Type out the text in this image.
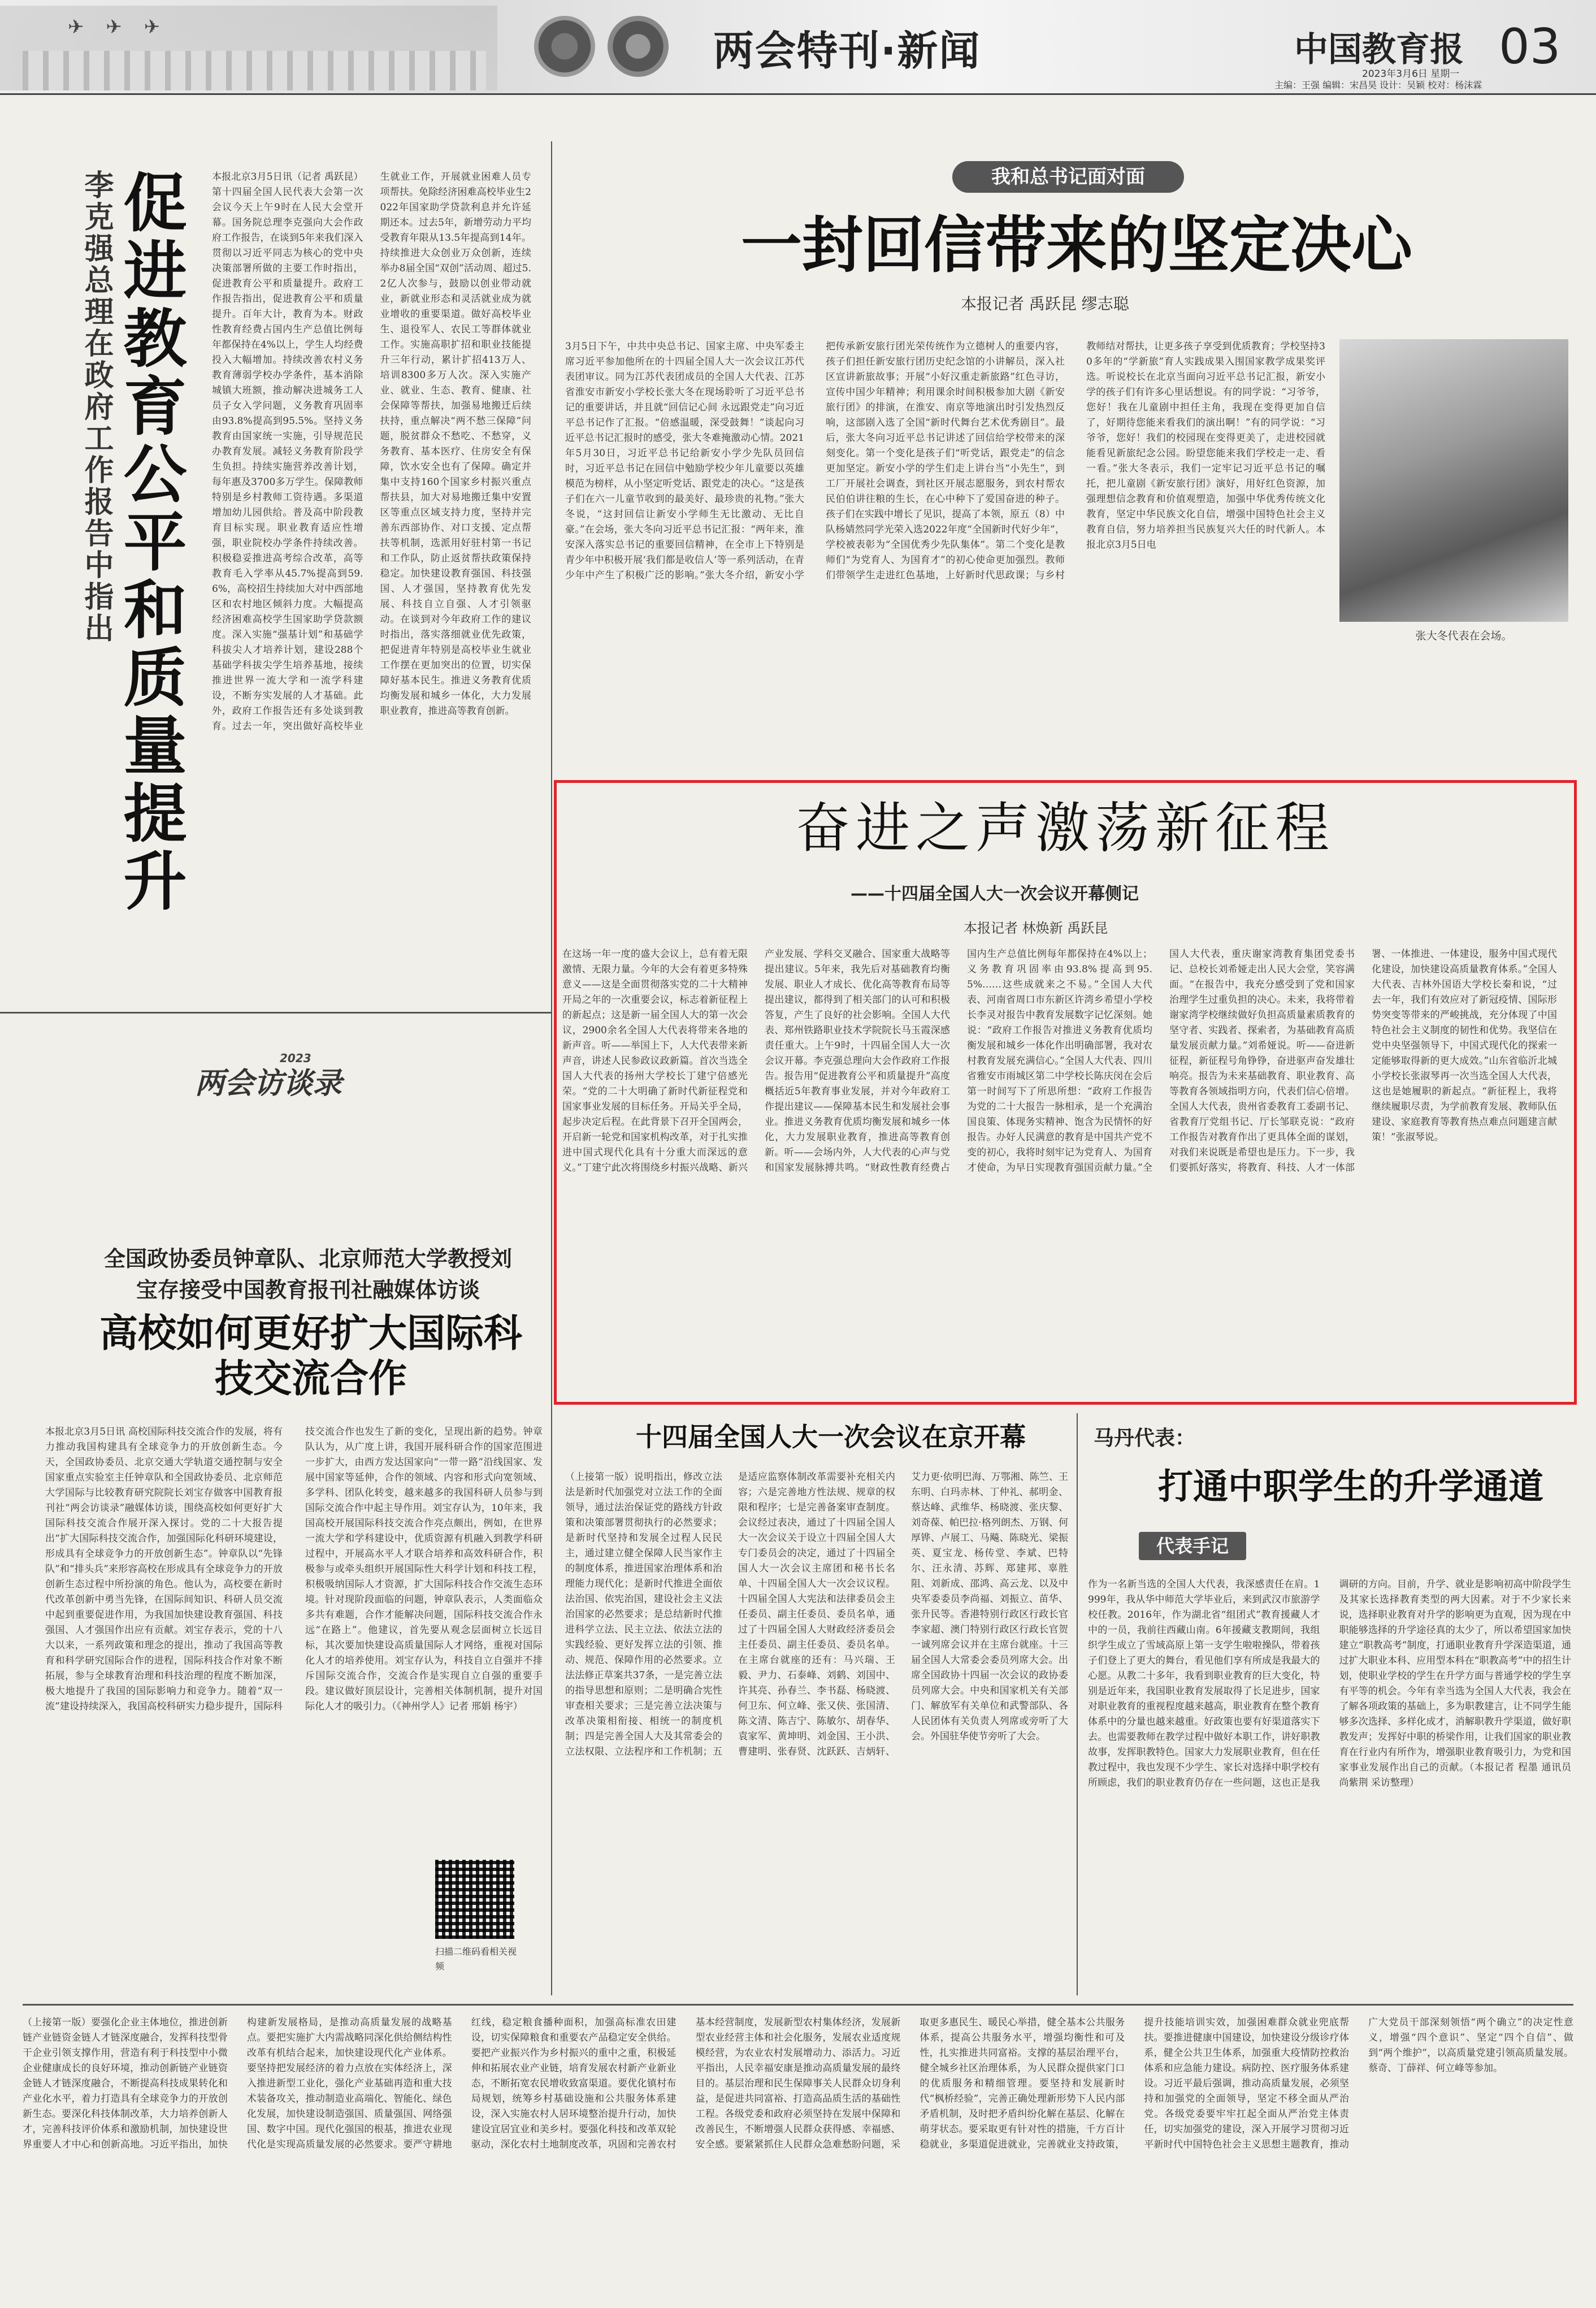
✈ ✈ ✈	两会特刊·新闻	中国教育报 03
2023年3月6日 星期一
主编：王强 编辑：宋昌昊 设计：吴颖 校对：杨沫霖
李克强总理在政府工作报告中指出 促进教育公平和质量提升	本报北京3月5日讯（记者 禹跃昆）第十四届全国人民代表大会第一次会议今天上午9时在人民大会堂开幕。国务院总理李克强向大会作政府工作报告，在谈到5年来我们深入贯彻以习近平同志为核心的党中央决策部署所做的主要工作时指出，促进教育公平和质量提升。政府工作报告指出，促进教育公平和质量提升。百年大计，教育为本。财政性教育经费占国内生产总值比例每年都保持在4%以上，学生人均经费投入大幅增加。持续改善农村义务教育薄弱学校办学条件，基本消除城镇大班额，推动解决进城务工人员子女入学问题，义务教育巩固率由93.8%提高到95.5%。坚持义务教育由国家统一实施，引导规范民办教育发展。减轻义务教育阶段学生负担。持续实施营养改善计划，每年惠及3700多万学生。保障教师特别是乡村教师工资待遇。多渠道增加幼儿园供给。普及高中阶段教育目标实现。职业教育适应性增强，职业院校办学条件持续改善。积极稳妥推进高考综合改革，高等教育毛入学率从45.7%提高到59.6%，高校招生持续加大对中西部地区和农村地区倾斜力度。大幅提高经济困难高校学生国家助学贷款额度。深入实施“强基计划”和基础学科拔尖人才培养计划，建设288个基础学科拔尖学生培养基地，接续推进世界一流大学和一流学科建设，不断夯实发展的人才基础。此外，政府工作报告还有多处谈到教育。过去一年，突出做好高校毕业生就业工作，开展就业困难人员专项帮扶。免除经济困难高校毕业生2022年国家助学贷款利息并允许延期还本。过去5年，新增劳动力平均受教育年限从13.5年提高到14年。持续推进大众创业万众创新，连续举办8届全国“双创”活动周、超过5.2亿人次参与，鼓励以创业带动就业，新就业形态和灵活就业成为就业增收的重要渠道。做好高校毕业生、退役军人、农民工等群体就业工作。实施高职扩招和职业技能提升三年行动，累计扩招413万人、培训8300多万人次。深入实施产业、就业、生态、教育、健康、社会保障等帮扶，加强易地搬迁后续扶持，重点解决“两不愁三保障”问题，脱贫群众不愁吃、不愁穿，义务教育、基本医疗、住房安全有保障，饮水安全也有了保障。确定并集中支持160个国家乡村振兴重点帮扶县，加大对易地搬迁集中安置区等重点区域支持力度，坚持并完善东西部协作、对口支援、定点帮扶等机制，选派用好驻村第一书记和工作队，防止返贫帮扶政策保持稳定。加快建设教育强国、科技强国、人才强国，坚持教育优先发展、科技自立自强、人才引领驱动。在谈到对今年政府工作的建议时指出，落实落细就业优先政策，把促进青年特别是高校毕业生就业工作摆在更加突出的位置，切实保障好基本民生。推进义务教育优质均衡发展和城乡一体化，大力发展职业教育，推进高等教育创新。
2023
两会访谈录
全国政协委员钟章队、北京师范大学教授刘宝存接受中国教育报刊社融媒体访谈
高校如何更好扩大国际科技交流合作
本报北京3月5日讯 高校国际科技交流合作的发展，将有力推动我国构建具有全球竞争力的开放创新生态。今天，全国政协委员、北京交通大学轨道交通控制与安全国家重点实验室主任钟章队和全国政协委员、北京师范大学国际与比较教育研究院院长刘宝存做客中国教育报刊社“两会访谈录”融媒体访谈，围绕高校如何更好扩大国际科技交流合作展开深入探讨。党的二十大报告提出“扩大国际科技交流合作，加强国际化科研环境建设，形成具有全球竞争力的开放创新生态”。钟章队以“先锋队”和“排头兵”来形容高校在形成具有全球竞争力的开放创新生态过程中所扮演的角色。他认为，高校要在新时代改革创新中勇当先锋，在国际间知识、科研人员交流中起到重要促进作用，为我国加快建设教育强国、科技强国、人才强国作出应有贡献。刘宝存表示，党的十八大以来，一系列政策和理念的提出，推动了我国高等教育和科学研究国际合作的进程，国际科技合作对象不断拓展，参与全球教育治理和科技治理的程度不断加深，极大地提升了我国的国际影响力和竞争力。随着“双一流”建设持续深入，我国高校科研实力稳步提升，国际科技交流合作也发生了新的变化，呈现出新的趋势。钟章队认为，从广度上讲，我国开展科研合作的国家范围进一步扩大，由西方发达国家向“一带一路”沿线国家、发展中国家等延伸，合作的领域、内容和形式向宽领域、多学科、团队化转变，越来越多的我国科研人员参与到国际交流合作中起主导作用。刘宝存认为，10年来，我国高校开展国际科技交流合作亮点颇出，例如，在世界一流大学和学科建设中，优质资源有机融入到教学科研过程中，开展高水平人才联合培养和高效科研合作，积极参与或牵头组织开展国际性大科学计划和科技工程，积极吸纳国际人才资源，扩大国际科技合作交流生态环境。针对现阶段面临的问题，钟章队表示，人类面临众多共有难题，合作才能解决问题，国际科技交流合作永远“在路上”。他建议，首先要从观念层面树立长远目标，其次要加快建设高质量国际人才网络，重视对国际化人才的培养使用。刘宝存认为，科技自立自强并不排斥国际交流合作，交流合作是实现自立自强的重要手段。建议做好顶层设计，完善相关体制机制，提升对国际化人才的吸引力。（《神州学人》记者 邢娟 杨宇）
扫描二维码看相关视频
我和总书记面对面
一封回信带来的坚定决心
本报记者 禹跃昆 缪志聪
3月5日下午，中共中央总书记、国家主席、中央军委主席习近平参加他所在的十四届全国人大一次会议江苏代表团审议。同为江苏代表团成员的全国人大代表、江苏省淮安市新安小学校长张大冬在现场聆听了习近平总书记的重要讲话，并且就“回信记心间 永远跟党走”向习近平总书记作了汇报。“倍感温暖，深受鼓舞！”谈起向习近平总书记汇报时的感受，张大冬难掩激动心情。2021年5月30日，习近平总书记给新安小学少先队员回信时，习近平总书记在回信中勉励学校少年儿童要以英雄模范为榜样，从小坚定听党话、跟党走的决心。“这是孩子们在六一儿童节收到的最美好、最珍贵的礼物。”张大冬说，“这封回信让新安小学师生无比激动、无比自豪。”在会场，张大冬向习近平总书记汇报：“两年来，淮安深入落实总书记的重要回信精神，在全市上下特别是青少年中积极开展‘我们都是收信人’等一系列活动，在青少年中产生了积极广泛的影响。”张大冬介绍，新安小学把传承新安旅行团光荣传统作为立德树人的重要内容，孩子们担任新安旅行团历史纪念馆的小讲解员，深入社区宣讲新旅故事；开展“小好汉重走新旅路”红色寻访，宣传中国少年精神；利用课余时间积极参加大剧《新安旅行团》的排演，在淮安、南京等地演出时引发热烈反响，这部剧入选了全国“新时代舞台艺术优秀剧目”。最后，张大冬向习近平总书记讲述了回信给学校带来的深刻变化。第一个变化是孩子们“听党话，跟党走”的信念更加坚定。新安小学的学生们走上讲台当“小先生”，到工厂开展社会调查，到社区开展志愿服务，到农村帮农民伯伯讲往粮的生长，在心中种下了爱国奋进的种子。孩子们在实践中增长了见识，提高了本领，原五（8）中队杨婧然同学光荣入选2022年度“全国新时代好少年”，学校被表彰为“全国优秀少先队集体”。第二个变化是教师们“为党育人、为国育才”的初心使命更加强烈。教师们带领学生走进红色基地，上好新时代思政课；与乡村教师结对帮扶，让更多孩子享受到优质教育；学校坚持30多年的“学新旅”育人实践成果入围国家教学成果奖评选。听说校长在北京当面向习近平总书记汇报，新安小学的孩子们有许多心里话想说。有的同学说：“习爷爷，您好！我在儿童剧中担任主角，我现在变得更加自信了，好期待您能来看我们的演出啊！”有的同学说：“习爷爷，您好！我们的校园现在变得更美了，走进校园就能看见新旅纪念公园。盼望您能来我们学校走一走、看一看。”张大冬表示，我们一定牢记习近平总书记的嘱托，把儿童剧《新安旅行团》演好，用好红色资源，加强理想信念教育和价值观塑造，加强中华优秀传统文化教育，坚定中华民族文化自信，增强中国特色社会主义教育自信，努力培养担当民族复兴大任的时代新人。本报北京3月5日电
张大冬代表在会场。
奋进之声激荡新征程
——十四届全国人大一次会议开幕侧记
本报记者 林焕新 禹跃昆
在这场一年一度的盛大会议上，总有着无限激情、无限力量。今年的大会有着更多特殊意义——这是全面贯彻落实党的二十大精神开局之年的一次重要会议，标志着新征程上的新起点；这是新一届全国人大的第一次会议，2900余名全国人大代表将带来各地的新声音。听——举国上下，人大代表带来新声音，讲述人民参政议政新篇。首次当选全国人大代表的扬州大学校长丁建宁倍感光荣。“党的二十大明确了新时代新征程党和国家事业发展的目标任务。开局关乎全局，起步决定后程。在此背景下召开全国两会，开启新一轮党和国家机构改革，对于扎实推进中国式现代化具有十分重大而深远的意义。”丁建宁此次将围绕乡村振兴战略、新兴产业发展、学科交叉融合、国家重大战略等提出建议。5年来，我先后对基础教育均衡发展、职业人才成长、优化高等教育布局等提出建议，都得到了相关部门的认可和积极答复，产生了良好的社会影响。全国人大代表、郑州铁路职业技术学院院长马玉霞深感责任重大。上午9时，十四届全国人大一次会议开幕。李克强总理向大会作政府工作报告。报告用“促进教育公平和质量提升”高度概括近5年教育事业发展，并对今年政府工作提出建议——保障基本民生和发展社会事业。推进义务教育优质均衡发展和城乡一体化，大力发展职业教育，推进高等教育创新。听——会场内外，人大代表的心声与党和国家发展脉搏共鸣。“财政性教育经费占国内生产总值比例每年都保持在4%以上；义务教育巩固率由93.8%提高到95.5%……这些成就来之不易。”全国人大代表、河南省周口市东新区许湾乡希望小学校长李灵对报告中教育发展数字记忆深刻。她说：“政府工作报告对推进义务教育优质均衡发展和城乡一体化作出明确部署，我对农村教育发展充满信心。”全国人大代表、四川省雅安市雨城区第二中学校长陈庆闵在会后第一时间写下了所思所想：“政府工作报告为党的二十大报告一脉相承，是一个充满治国良策、体现务实精神、饱含为民情怀的好报告。办好人民满意的教育是中国共产党不变的初心，我将时刻牢记为党育人、为国育才使命，为早日实现教育强国贡献力量。”全国人大代表，重庆谢家湾教育集团党委书记、总校长刘希娅走出人民大会堂，笑容满面。“在报告中，我充分感受到了党和国家治理学生过重负担的决心。未来，我将带着谢家湾学校继续做好负担高质量素质教育的坚守者、实践者、探索者，为基础教育高质量发展贡献力量。”刘希娅说。听——奋进新征程，新征程号角铮铮，奋进驱声奋发雄壮响亮。报告为未来基础教育、职业教育、高等教育各领域指明方向，代表们信心倍增。全国人大代表，贵州省委教育工委副书记、省教育厅党组书记、厅长邹联克说：“政府工作报告对教育作出了更具体全面的谋划，对我们来说既是希望也是压力。下一步，我们要抓好落实，将教育、科技、人才一体部署、一体推进、一体建设，服务中国式现代化建设，加快建设高质量教育体系。”全国人大代表、吉林外国语大学校长秦和说，“过去一年，我们有效应对了新冠疫情、国际形势突变等带来的严峻挑战，充分体现了中国特色社会主义制度的韧性和优势。我坚信在党中央坚强领导下，中国式现代化的探索一定能够取得新的更大成效。”山东省临沂北城小学校长张淑琴再一次当选全国人大代表，这也是她履职的新起点。“新征程上，我将继续履职尽责，为学前教育发展、教师队伍建设、家庭教育等教育热点难点问题建言献策！”张淑琴说。
十四届全国人大一次会议在京开幕
（上接第一版）说明指出，修改立法法是新时代加强党对立法工作的全面领导，通过法治保证党的路线方针政策和决策部署贯彻执行的必然要求；是新时代坚持和发展全过程人民民主，通过建立健全保障人民当家作主的制度体系，推进国家治理体系和治理能力现代化；是新时代推进全面依法治国、依宪治国，建设社会主义法治国家的必然要求；是总结新时代推进科学立法、民主立法、依法立法的实践经验、更好发挥立法的引领、推动、规范、保障作用的必然要求。立法法修正草案共37条，一是完善立法的指导思想和原则；二是明确合宪性审查相关要求；三是完善立法决策与改革决策相衔接、相统一的制度机制；四是完善全国人大及其常委会的立法权限、立法程序和工作机制；五是适应监察体制改革需要补充相关内容；六是完善地方性法规、规章的权限和程序；七是完善备案审查制度。会议经过表决，通过了十四届全国人大一次会议关于设立十四届全国人大专门委员会的决定，通过了十四届全国人大一次会议主席团和秘书长名单、十四届全国人大一次会议议程。十四届全国人大宪法和法律委员会主任委员、副主任委员、委员名单，通过了十四届全国人大财政经济委员会主任委员、副主任委员、委员名单。在主席台就座的还有：马兴瑞、王毅、尹力、石泰峰、刘鹤、刘国中、许其亮、孙春兰、李书磊、杨晓渡、何卫东、何立峰、张又侠、张国清、陈文清、陈吉宁、陈敏尔、胡春华、袁家军、黄坤明、刘金国、王小洪、曹建明、张春贤、沈跃跃、吉炳轩、艾力更·依明巴海、万鄂湘、陈竺、王东明、白玛赤林、丁仲礼、郝明金、蔡达峰、武维华、杨晓渡、张庆黎、刘奇葆、帕巴拉·格列朗杰、万钢、何厚铧、卢展工、马飚、陈晓光、梁振英、夏宝龙、杨传堂、李斌、巴特尔、汪永清、苏辉、郑建邦、辜胜阻、刘新成、邵鸿、高云龙、以及中央军委委员李尚福、刘振立、苗华、张升民等。香港特别行政区行政长官李家超、澳门特别行政区行政长官贺一诚列席会议并在主席台就座。十三届全国人大常委会委员列席大会。出席全国政协十四届一次会议的政协委员列席大会。中央和国家机关有关部门、解放军有关单位和武警部队、各人民团体有关负责人列席或旁听了大会。外国驻华使节旁听了大会。
马丹代表：
打通中职学生的升学通道
代表手记
作为一名新当选的全国人大代表，我深感责任在肩。1999年，我从华中师范大学毕业后，来到武汉市旅游学校任教。2016年，作为湖北省“组团式”教育援藏人才中的一员，我前往西藏山南。6年援藏支教期间，我组织学生成立了雪域高原上第一支学生啦啦操队，带着孩子们登上了更大的舞台，看见他们享有所成是我最大的心愿。从教二十多年，我看到职业教育的巨大变化，特别是近年来，我国职业教育发展取得了长足进步，国家对职业教育的重视程度越来越高，职业教育在整个教育体系中的分量也越来越重。好政策也要有好渠道落实下去。也需要教师在教学过程中做好本职工作，讲好职教故事，发挥职教特色。国家大力发展职业教育，但在任教过程中，我也发现不少学生、家长对选择中职学校有所顾虑，我们的职业教育仍存在一些问题，这也正是我调研的方向。目前，升学、就业是影响初高中阶段学生及其家长选择教育类型的两大因素。对于不少家长来说，选择职业教育对升学的影响更为直观，因为现在中职能够选择的升学途径真的太少了，所以希望国家加快建立“职教高考”制度，打通职业教育升学深造渠道，通过扩大职业本科、应用型本科在“职教高考”中的招生计划，使职业学校的学生在升学方面与普通学校的学生享有平等的机会。今年有幸当选为全国人大代表，我会在了解各项政策的基础上，多为职教建言，让不同学生能够多次选择、多样化成才，消解职教升学渠道，做好职教发声；发挥好中职的桥梁作用，让我们国家的职业教育在行业内有所作为，增强职业教育吸引力，为党和国家事业发展作出自己的贡献。（本报记者 程墨 通讯员 尚紫荆 采访整理）
（上接第一版）要强化企业主体地位，推进创新链产业链资金链人才链深度融合，发挥科技型骨干企业引领支撑作用，营造有利于科技型中小微企业健康成长的良好环境，推动创新链产业链资金链人才链深度融合，不断提高科技成果转化和产业化水平，着力打造具有全球竞争力的开放创新生态。要深化科技体制改革，大力培养创新人才，完善科技评价体系和激励机制，加快建设世界重要人才中心和创新高地。习近平指出，加快构建新发展格局，是推动高质量发展的战略基点。要把实施扩大内需战略同深化供给侧结构性改革有机结合起来，加快建设现代化产业体系。要坚持把发展经济的着力点放在实体经济上，深入推进新型工业化，强化产业基础再造和重大技术装备攻关，推动制造业高端化、智能化、绿色化发展，加快建设制造强国、质量强国、网络强国、数字中国。现代化强国的根基，推进农业现代化是实现高质量发展的必然要求。要严守耕地红线，稳定粮食播种面积，加强高标准农田建设，切实保障粮食和重要农产品稳定安全供给。要把产业振兴作为乡村振兴的重中之重，积极延伸和拓展农业产业链，培育发展农村新产业新业态，不断拓宽农民增收致富渠道。要优化镇村布局规划，统筹乡村基础设施和公共服务体系建设，深入实施农村人居环境整治提升行动，加快建设宜居宜业和美乡村。要强化科技和改革双轮驱动，深化农村土地制度改革，巩固和完善农村基本经营制度，发展新型农村集体经济，发展新型农业经营主体和社会化服务，发展农业适度规模经营，为农业农村发展增动力、添活力。习近平指出，人民幸福安康是推动高质量发展的最终目的。基层治理和民生保障事关人民群众切身利益，是促进共同富裕、打造高品质生活的基础性工程。各级党委和政府必须坚持在发展中保障和改善民生，不断增强人民群众获得感、幸福感、安全感。要紧紧抓住人民群众急难愁盼问题，采取更多惠民生、暖民心举措，健全基本公共服务体系，提高公共服务水平，增强均衡性和可及性，扎实推进共同富裕。支撑的基层治理平台，健全城乡社区治理体系，为人民群众提供家门口的优质服务和精细管理。要坚持和发展新时代“枫桥经验”，完善正确处理新形势下人民内部矛盾机制，及时把矛盾纠纷化解在基层、化解在萌芽状态。要采取更有针对性的措施，千方百计稳就业，多渠道促进就业，完善就业支持政策，提升技能培训实效，加强困难群众就业兜底帮扶。要推进健康中国建设，加快建设分级诊疗体系，健全公共卫生体系，加强重大疫情防控救治体系和应急能力建设。病防控、医疗服务体系建设。习近平最后强调，推动高质量发展，必须坚持和加强党的全面领导，坚定不移全面从严治党。各级党委要牢牢扛起全面从严治党主体责任，切实加强党的建设，深入开展学习贯彻习近平新时代中国特色社会主义思想主题教育，推动广大党员干部深刻领悟“两个确立”的决定性意义，增强“四个意识”、坚定“四个自信”、做到“两个维护”，以高质量党建引领高质量发展。蔡奇、丁薛祥、何立峰等参加。
